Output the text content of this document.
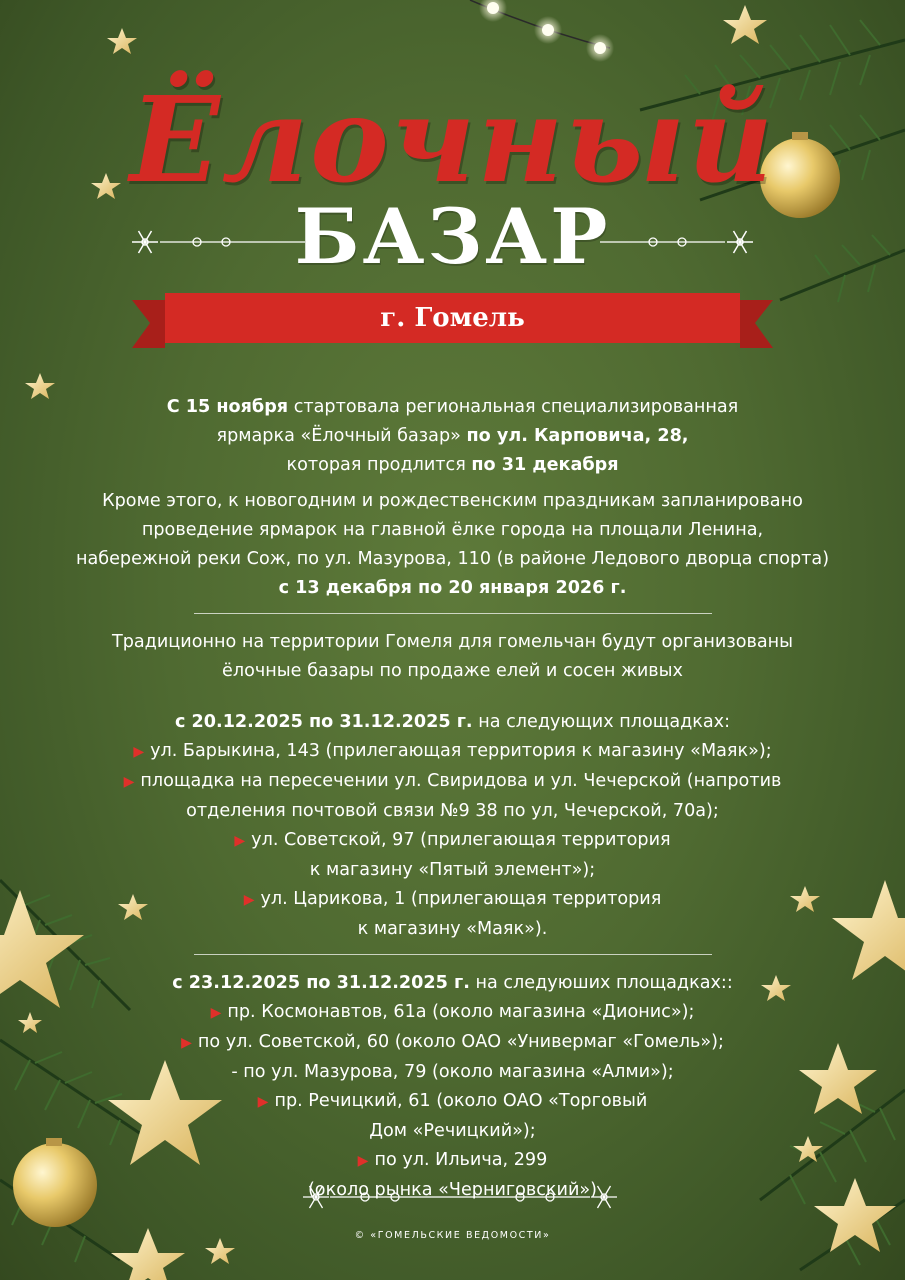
Ёлочный
БАЗАР
г. Гомель

С 15 ноября стартовала региональная специализированная

ярмарка «Ёлочный базар» по ул. Карповича, 28,

которая продлится по 31 декабря

Кроме этого, к новогодним и рождественским праздникам запланировано

проведение ярмарок на главной ёлке города на площали Ленина,

набережной реки Сож, по ул. Мазурова, 110 (в районе Ледового дворца спорта)

с 13 декабря по 20 января 2026 г.

Традиционно на территории Гомеля для гомельчан будут организованы

ёлочные базары по продаже елей и сосен живых

с 20.12.2025 по 31.12.2025 г. на следующих площадках:

▶ ул. Барыкина, 143 (прилегающая территория к магазину «Маяк»);

▶ площадка на пересечении ул. Свиридова и ул. Чечерской (напротив

отделения почтовой связи №9 38 по ул, Чечерской, 70а);

▶ ул. Советской, 97 (прилегающая территория

к магазину «Пятый элемент»);

▶ ул. Царикова, 1 (прилегающая территория

к магазину «Маяк»).

с 23.12.2025 по 31.12.2025 г. на следуюших площадках::

▶ пр. Космонавтов, 61а (около магазина «Дионис»);

▶ по ул. Советской, 60 (около ОАО «Универмаг «Гомель»);

- по ул. Мазурова, 79 (около магазина «Алми»);

▶ пр. Речицкий, 61 (около ОАО «Торговый

Дом «Речицкий»);

▶ по ул. Ильича, 299

(около рынка «Черниговский»)

© «ГОМЕЛЬСКИЕ ВЕДОМОСТИ»
